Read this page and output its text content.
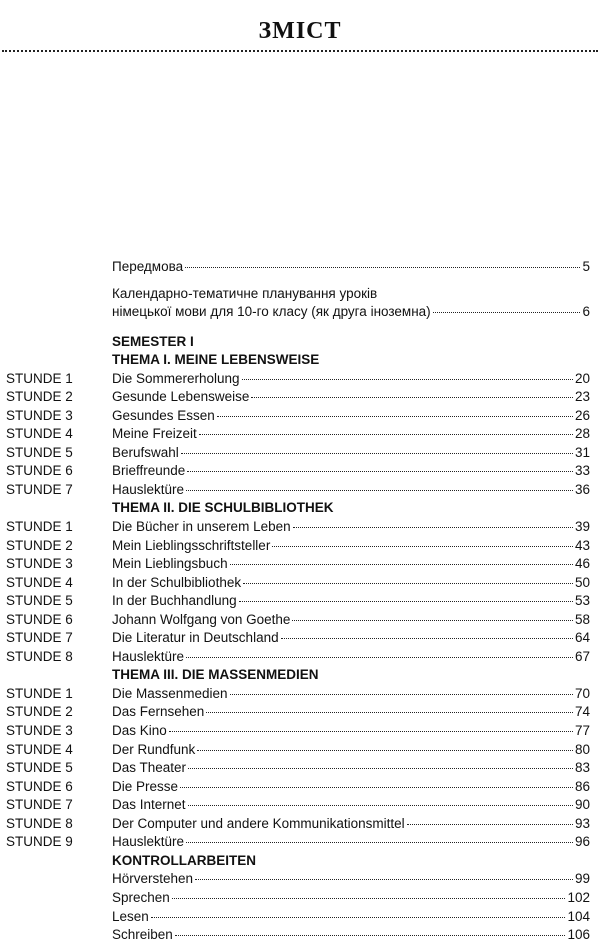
ЗМІСТ
Передмова	5
Календарно-тематичне планування уроків
німецької мови для 10-го класу (як друга іноземна)	6
SEMESTER I
THEMA I. MEINE LEBENSWEISE
STUNDE 1	Die Sommererholung	20
STUNDE 2	Gesunde Lebensweise	23
STUNDE 3	Gesundes Essen	26
STUNDE 4	Meine Freizeit	28
STUNDE 5	Berufswahl	31
STUNDE 6	Brieffreunde	33
STUNDE 7	Hauslektüre	36
THEMA II. DIE SCHULBIBLIOTHEK
STUNDE 1	Die Bücher in unserem Leben	39
STUNDE 2	Mein Lieblingsschriftsteller	43
STUNDE 3	Mein Lieblingsbuch	46
STUNDE 4	In der Schulbibliothek	50
STUNDE 5	In der Buchhandlung	53
STUNDE 6	Johann Wolfgang von Goethe	58
STUNDE 7	Die Literatur in Deutschland	64
STUNDE 8	Hauslektüre	67
THEMA III. DIE MASSENMEDIEN
STUNDE 1	Die Massenmedien	70
STUNDE 2	Das Fernsehen	74
STUNDE 3	Das Kino	77
STUNDE 4	Der Rundfunk	80
STUNDE 5	Das Theater	83
STUNDE 6	Die Presse	86
STUNDE 7	Das Internet	90
STUNDE 8	Der Computer und andere Kommunikationsmittel	93
STUNDE 9	Hauslektüre	96
KONTROLLARBEITEN
Hörverstehen	99
Sprechen	102
Lesen	104
Schreiben	106
